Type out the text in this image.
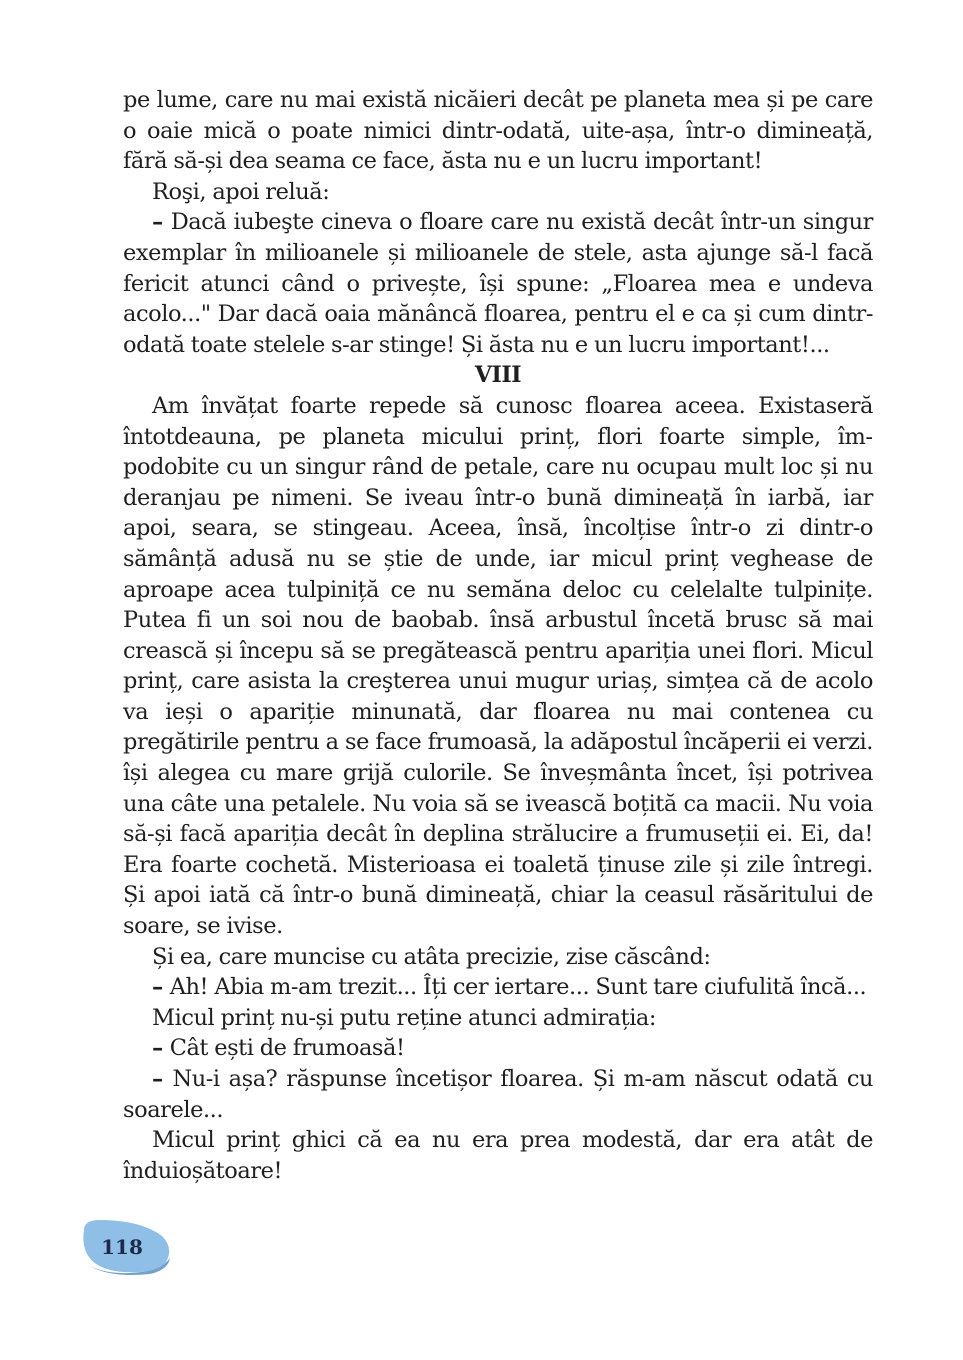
pe lume, care nu mai există nicăieri decât pe planeta mea și pe care o oaie mică o poate nimici dintr-odată, uite-așa, într-o dimineață, fără să-și dea seama ce face, ăsta nu e un lucru important!

Roşi, apoi reluă:

– Dacă iubeşte cineva o floare care nu există decât într-un singur exemplar în milioanele și milioanele de stele, asta ajunge să-l facă fericit atunci când o privește, își spune: „Floarea mea e undeva acolo..." Dar dacă oaia mănâncă floarea, pentru el e ca și cum dintr-odată toate stelele s-ar stinge! Și ăsta nu e un lucru important!...

VIII

Am învățat foarte repede să cunosc floarea aceea. Existaseră întotdeauna, pe planeta micului prinț, flori foarte simple, împodobite cu un singur rând de petale, care nu ocupau mult loc și nu deranjau pe nimeni. Se iveau într-o bună dimineață în iarbă, iar apoi, seara, se stingeau. Aceea, însă, încolțise într-o zi dintr-o sămânță adusă nu se știe de unde, iar micul prinț veghease de aproape acea tulpiniță ce nu semăna deloc cu celelalte tulpinițe. Putea fi un soi nou de baobab. însă arbustul încetă brusc să mai crească și începu să se pregătească pentru apariția unei flori. Micul prinț, care asista la creşterea unui mugur uriaș, simțea că de acolo va ieși o apariție minunată, dar floarea nu mai contenea cu pregătirile pentru a se face frumoasă, la adăpostul încăperii ei verzi. își alegea cu mare grijă culorile. Se înveșmânta încet, își potrivea una câte una petalele. Nu voia să se ivească boțită ca macii. Nu voia să-și facă apariția decât în deplina strălucire a frumuseții ei. Ei, da! Era foarte cochetă. Misterioasa ei toaletă ținuse zile și zile întregi. Și apoi iată că într-o bună dimineață, chiar la ceasul răsăritului de soare, se ivise.

Și ea, care muncise cu atâta precizie, zise căscând:

– Ah! Abia m-am trezit... Îți cer iertare... Sunt tare ciufulită încă...

Micul prinț nu-și putu reține atunci admirația:

– Cât ești de frumoasă!

– Nu-i așa? răspunse încetișor floarea. Și m-am născut odată cu soarele...

Micul prinț ghici că ea nu era prea modestă, dar era atât de înduioșătoare!

118
